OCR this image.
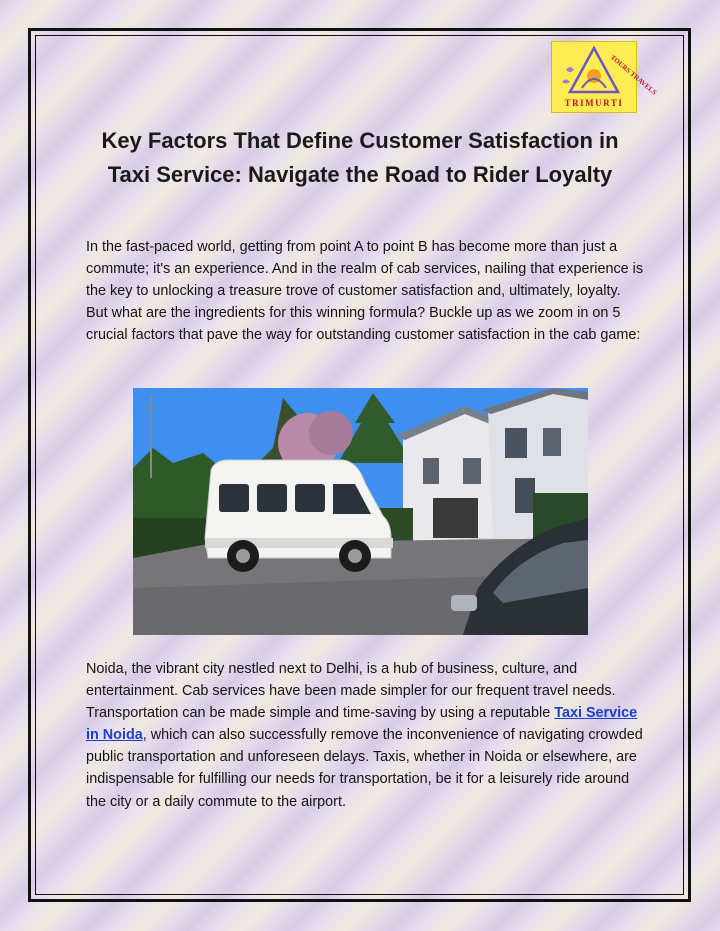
TOURS TRAVELS
TRIMURTI
Key Factors That Define Customer Satisfaction in Taxi Service: Navigate the Road to Rider Loyalty

In the fast-paced world, getting from point A to point B has become more than just a commute; it's an experience. And in the realm of cab services, nailing that experience is the key to unlocking a treasure trove of customer satisfaction and, ultimately, loyalty. But what are the ingredients for this winning formula? Buckle up as we zoom in on 5 crucial factors that pave the way for outstanding customer satisfaction in the cab game:

Noida, the vibrant city nestled next to Delhi, is a hub of business, culture, and entertainment. Cab services have been made simpler for our frequent travel needs. Transportation can be made simple and time-saving by using a reputable Taxi Service in Noida, which can also successfully remove the inconvenience of navigating crowded public transportation and unforeseen delays. Taxis, whether in Noida or elsewhere, are indispensable for fulfilling our needs for transportation, be it for a leisurely ride around the city or a daily commute to the airport.
